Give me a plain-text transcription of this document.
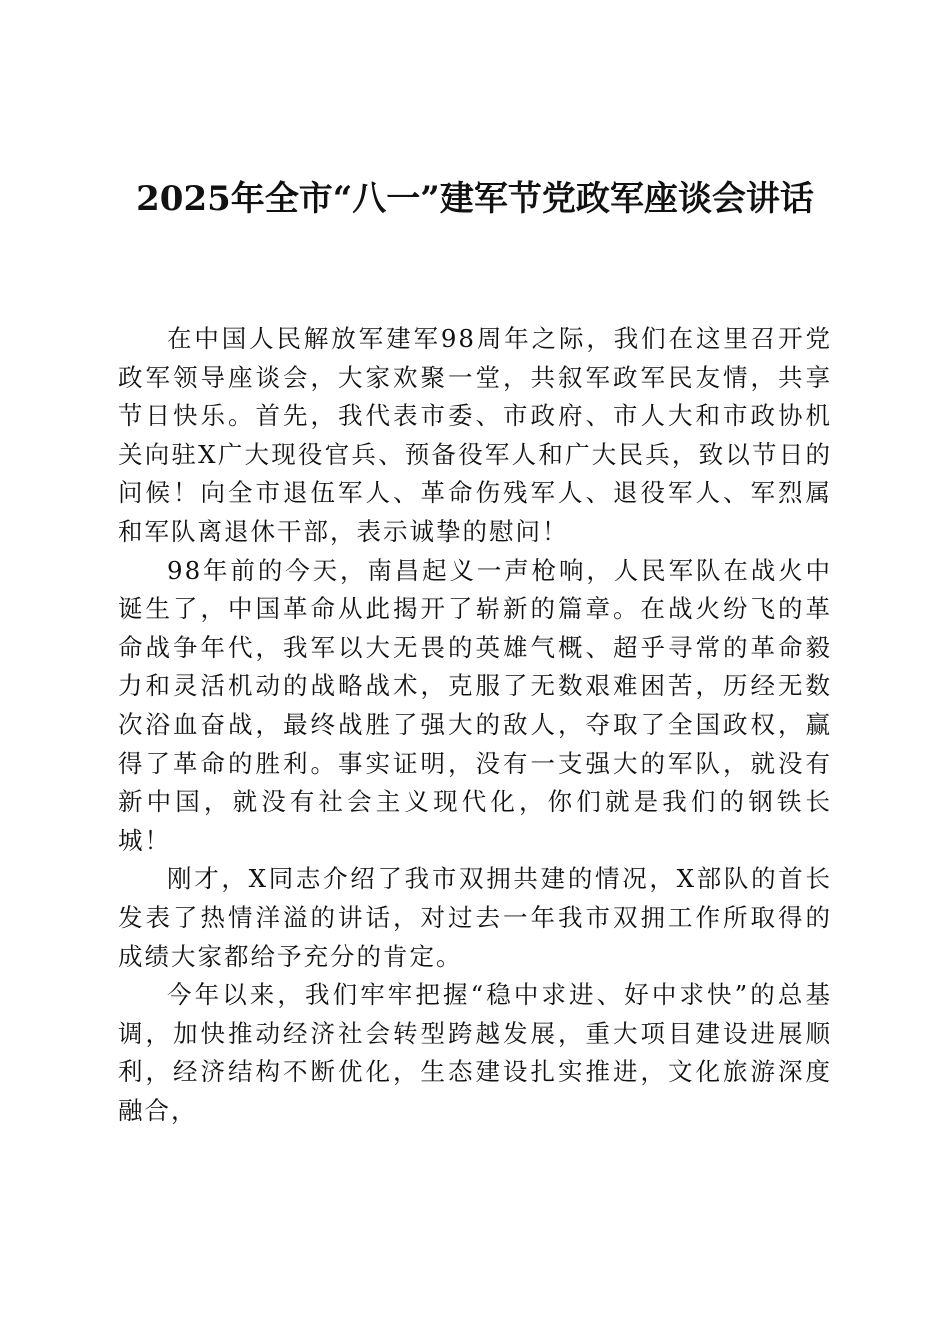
2025年全市“八一”建军节党政军座谈会讲话

在中国人民解放军建军98周年之际，我们在这里召开党政军领导座谈会，大家欢聚一堂，共叙军政军民友情，共享节日快乐。首先，我代表市委、市政府、市人大和市政协机关向驻X广大现役官兵、预备役军人和广大民兵，致以节日的问候！向全市退伍军人、革命伤残军人、退役军人、军烈属和军队离退休干部，表示诚挚的慰问！

98年前的今天，南昌起义一声枪响，人民军队在战火中诞生了，中国革命从此揭开了崭新的篇章。在战火纷飞的革命战争年代，我军以大无畏的英雄气概、超乎寻常的革命毅力和灵活机动的战略战术，克服了无数艰难困苦，历经无数次浴血奋战，最终战胜了强大的敌人，夺取了全国政权，赢得了革命的胜利。事实证明，没有一支强大的军队，就没有新中国，就没有社会主义现代化，你们就是我们的钢铁长城！

刚才，X同志介绍了我市双拥共建的情况，X部队的首长发表了热情洋溢的讲话，对过去一年我市双拥工作所取得的成绩大家都给予充分的肯定。

今年以来，我们牢牢把握“稳中求进、好中求快”的总基调，加快推动经济社会转型跨越发展，重大项目建设进展顺利，经济结构不断优化，生态建设扎实推进，文化旅游深度融合，
